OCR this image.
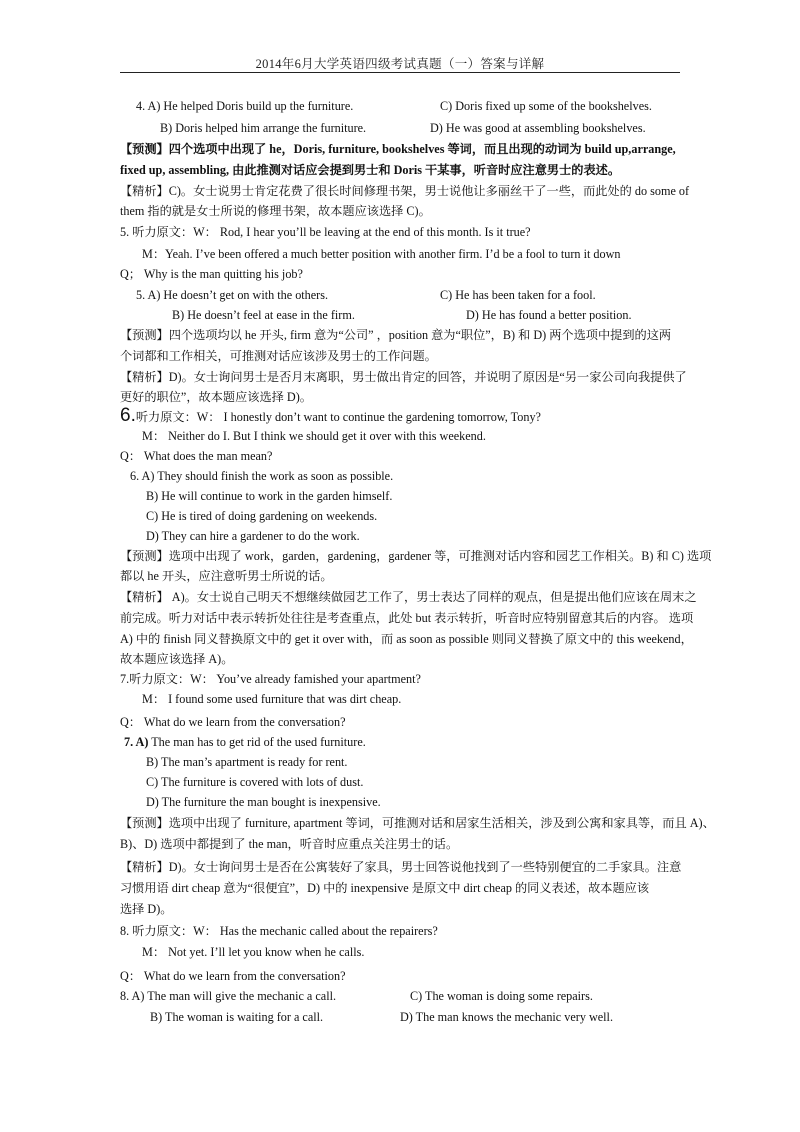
2014年6月大学英语四级考试真题（一）答案与详解
4. A) He helped Doris build up the furniture.	C) Doris fixed up some of the bookshelves.
B) Doris helped him arrange the furniture.	D) He was good at assembling bookshelves.
【预测】四个选项中出现了 he，Doris, furniture, bookshelves 等词，而且出现的动词为 build up,arrange,
fixed up, assembling, 由此推测对话应会提到男士和 Doris 干某事，听音时应注意男士的表述。
【精析】C)。女士说男士肯定花费了很长时间修理书架，男士说他让多丽丝干了一些，而此处的 do some of
them 指的就是女士所说的修理书架，故本题应该选择 C)。
5. 听力原文：W： Rod, I hear you’ll be leaving at the end of this month. Is it true?
M：Yeah. I’ve been offered a much better position with another firm. I’d be a fool to turn it down
Q； Why is the man quitting his job?
5. A) He doesn’t get on with the others.	C) He has been taken for a fool.
B) He doesn’t feel at ease in the firm.	D) He has found a better position.
【预测】四个选项均以 he 开头, firm 意为“公司” ，position 意为“职位”，B) 和 D) 两个选项中提到的这两
个词都和工作相关，可推测对话应该涉及男士的工作问题。
【精析】D)。女士询问男士是否月末离职，男士做出肯定的回答，并说明了原因是“另一家公司向我提供了
更好的职位”，故本题应该选择 D)。
6.听力原文：W： I honestly don’t want to continue the gardening tomorrow, Tony?
M： Neither do I. But I think we should get it over with this weekend.
Q： What does the man mean?
6. A) They should finish the work as soon as possible.
B) He will continue to work in the garden himself.
C) He is tired of doing gardening on weekends.
D) They can hire a gardener to do the work.
【预测】选项中出现了 work，garden，gardening，gardener 等，可推测对话内容和园艺工作相关。B) 和 C) 选项
都以 he 开头，应注意听男士所说的话。
【精析】 A)。女士说自己明天不想继续做园艺工作了，男士表达了同样的观点，但是提出他们应该在周末之
前完成。听力对话中表示转折处往往是考查重点，此处 but 表示转折，听音时应特别留意其后的内容。 选项
A) 中的 finish 同义替换原文中的 get it over with，而 as soon as possible 则同义替换了原文中的 this weekend，
故本题应该选择 A)。
7.听力原文：W： You’ve already famished your apartment?
M： I found some used furniture that was dirt cheap.
Q： What do we learn from the conversation?
7. A) The man has to get rid of the used furniture.
B) The man’s apartment is ready for rent.
C) The furniture is covered with lots of dust.
D) The furniture the man bought is inexpensive.
【预测】选项中出现了 furniture, apartment 等词，可推测对话和居家生活相关，涉及到公寓和家具等，而且 A)、
B)、D) 选项中都提到了 the man，听音时应重点关注男士的话。
【精析】D)。女士询问男士是否在公寓装好了家具，男士回答说他找到了一些特别便宜的二手家具。注意
习惯用语 dirt cheap 意为“很便宜”，D) 中的 inexpensive 是原文中 dirt cheap 的同义表述，故本题应该
选择 D)。
8. 听力原文：W： Has the mechanic called about the repairers?
M： Not yet. I’ll let you know when he calls.
Q： What do we learn from the conversation?
8. A) The man will give the mechanic a call.	C) The woman is doing some repairs.
B) The woman is waiting for a call.	D) The man knows the mechanic very well.
